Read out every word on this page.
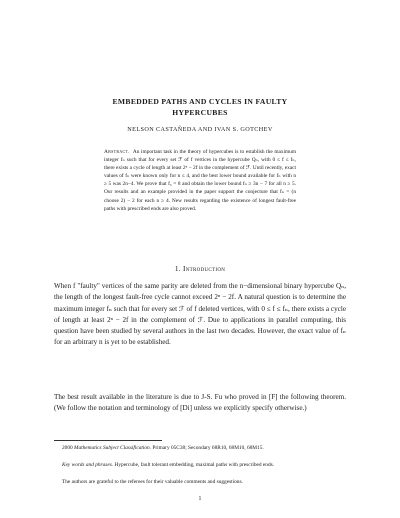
EMBEDDED PATHS AND CYCLES IN FAULTY
HYPERCUBES
NELSON CASTAÑEDA AND IVAN S. GOTCHEV
Abstract. An important task in the theory of hypercubes is to establish the maximum integer fₙ such that for every set ℱ of f vertices in the hypercube Qₙ, with 0 ≤ f ≤ fₙ, there exists a cycle of length at least 2ⁿ − 2f in the complement of ℱ. Until recently, exact values of fₙ were known only for n ≤ 4, and the best lower bound available for fₙ with n ≥ 5 was 2n−4. We prove that f₅ = 8 and obtain the lower bound fₙ ≥ 3n − 7 for all n ≥ 5. Our results and an example provided in the paper support the conjecture that fₙ = (n choose 2) − 2 for each n ≥ 4. New results regarding the existence of longest fault-free paths with prescribed ends are also proved.
1. Introduction
When f "faulty" vertices of the same parity are deleted from the n−dimensional binary hypercube Qₙ, the length of the longest fault-free cycle cannot exceed 2ⁿ − 2f. A natural question is to determine the maximum integer fₙ such that for every set ℱ of f deleted vertices, with 0 ≤ f ≤ fₙ, there exists a cycle of length at least 2ⁿ − 2f in the complement of ℱ. Due to applications in parallel computing, this question have been studied by several authors in the last two decades. However, the exact value of fₙ for an arbitrary n is yet to be established.
The best result available in the literature is due to J-S. Fu who proved in [F] the following theorem. (We follow the notation and terminology of [Di] unless we explicitly specify otherwise.)
2000 Mathematics Subject Classification. Primary 05C38; Secondary 68R10, 68M10, 68M15.
Key words and phrases. Hypercube, fault tolerant embedding, maximal paths with prescribed ends.
The authors are grateful to the referees for their valuable comments and suggestions.
1
